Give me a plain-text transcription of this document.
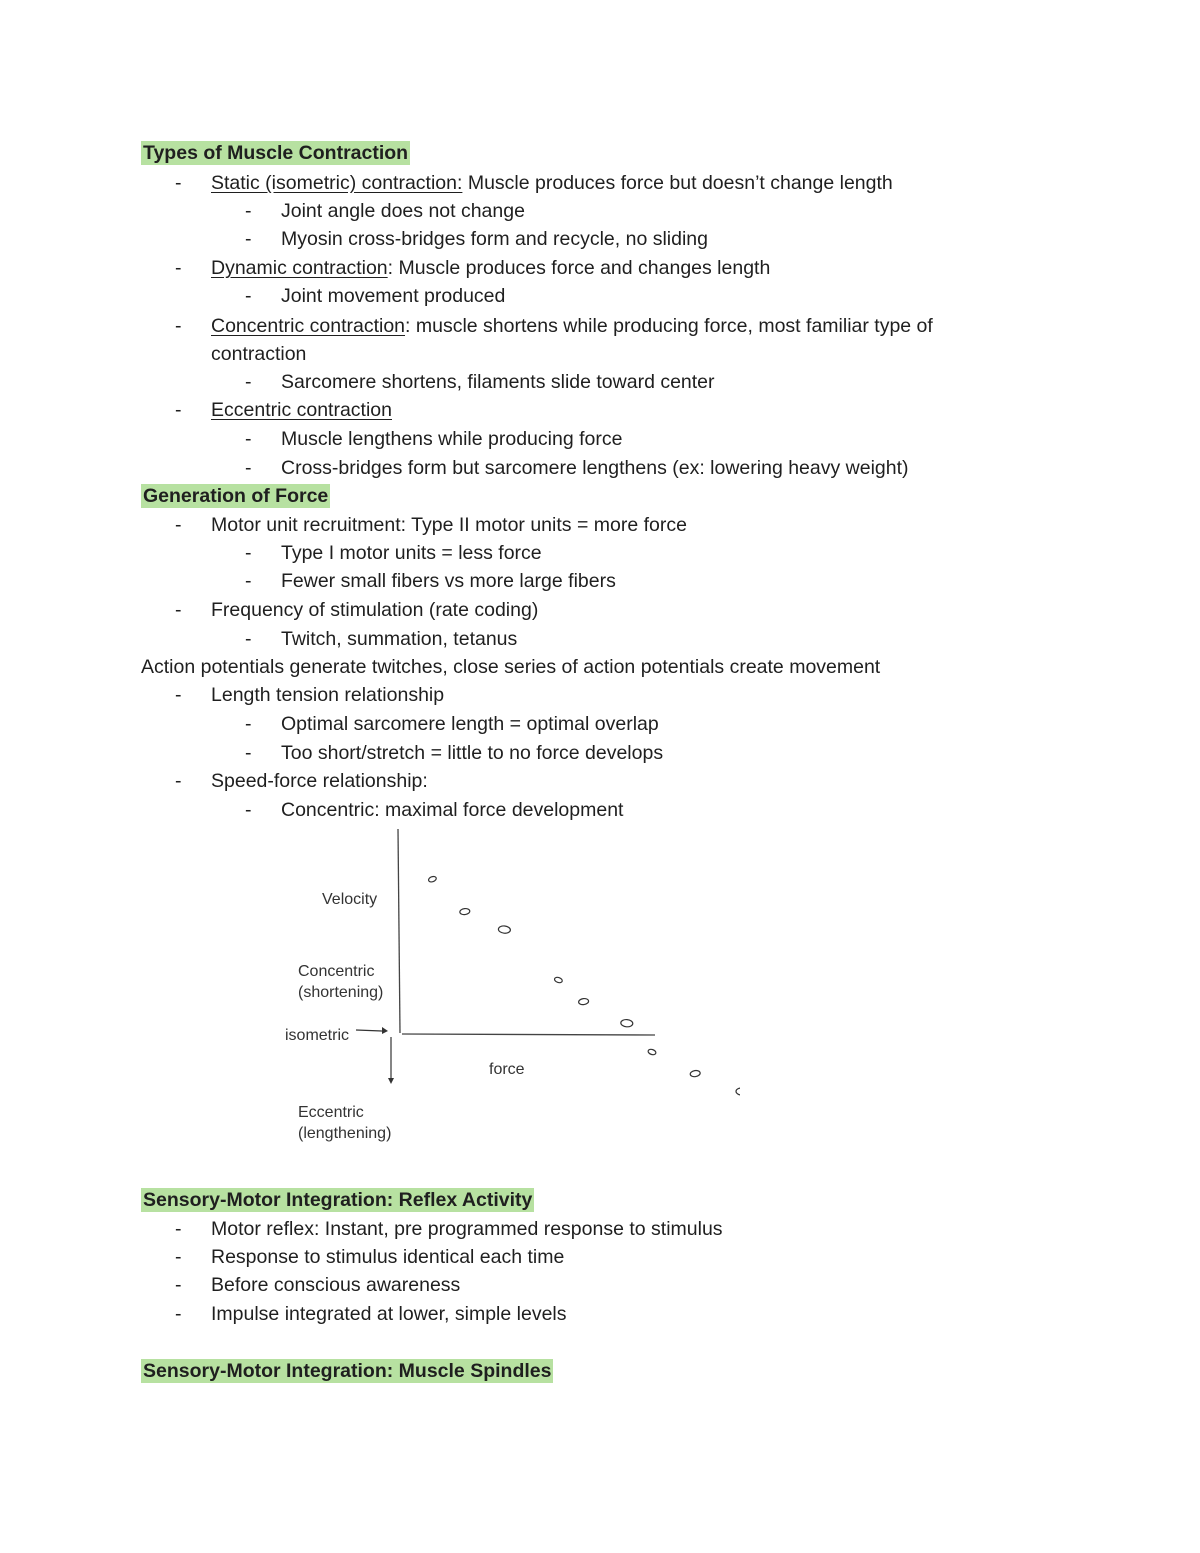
Types of Muscle Contraction
- Static (isometric) contraction: Muscle produces force but doesn’t change length
- Joint angle does not change
- Myosin cross-bridges form and recycle, no sliding
- Dynamic contraction: Muscle produces force and changes length
- Joint movement produced
- Concentric contraction: muscle shortens while producing force, most familiar type of
contraction
- Sarcomere shortens, filaments slide toward center
- Eccentric contraction
- Muscle lengthens while producing force
- Cross-bridges form but sarcomere lengthens (ex: lowering heavy weight)
Generation of Force
- Motor unit recruitment: Type II motor units = more force
- Type I motor units = less force
- Fewer small fibers vs more large fibers
- Frequency of stimulation (rate coding)
- Twitch, summation, tetanus
Action potentials generate twitches, close series of action potentials create movement
- Length tension relationship
- Optimal sarcomere length = optimal overlap
- Too short/stretch = little to no force develops
- Speed-force relationship:
- Concentric: maximal force development
Velocity
Concentric
(shortening)
isometric
force
Eccentric
(lengthening)
Sensory-Motor Integration: Reflex Activity
- Motor reflex: Instant, pre programmed response to stimulus
- Response to stimulus identical each time
- Before conscious awareness
- Impulse integrated at lower, simple levels
Sensory-Motor Integration: Muscle Spindles
